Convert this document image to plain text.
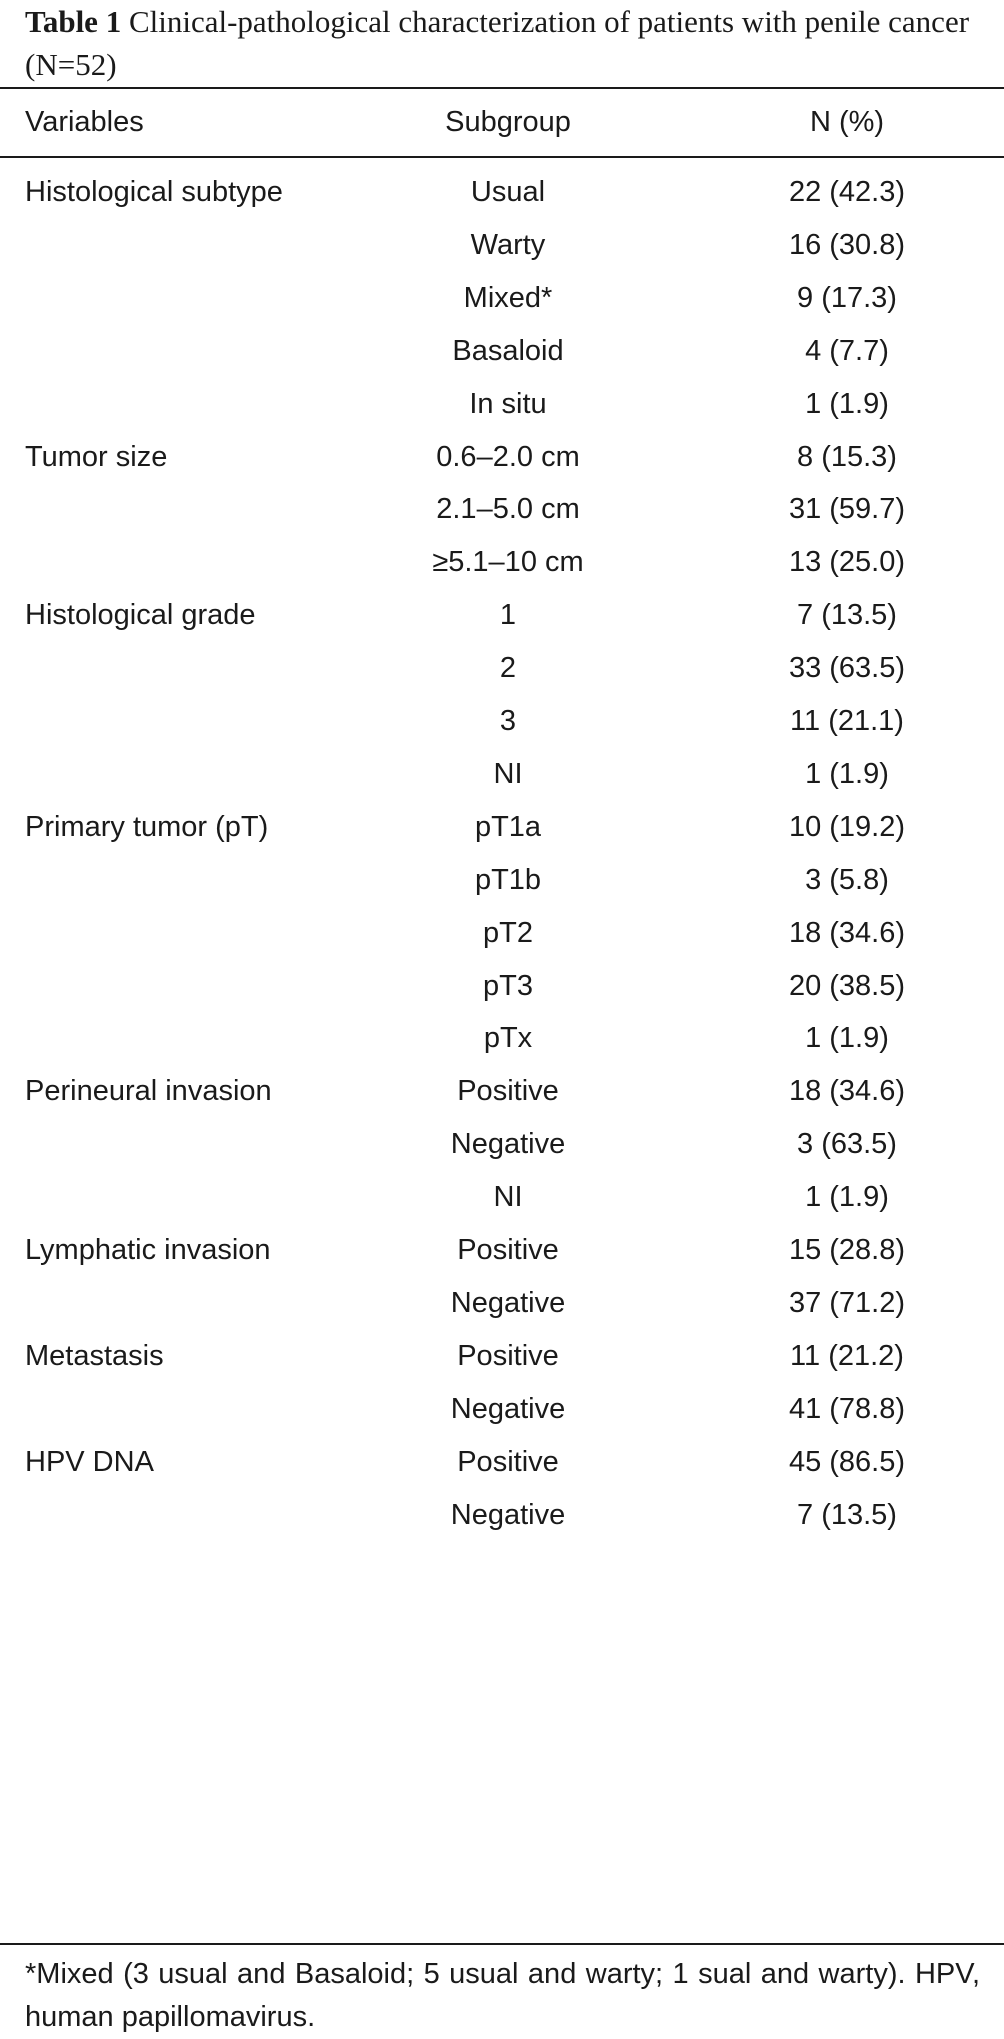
Table 1 Clinical-pathological characterization of patients with penile cancer (N=52)
Variables	Subgroup	N (%)
Histological subtype	Usual	22 (42.3)
Warty	16 (30.8)
Mixed*	9 (17.3)
Basaloid	4 (7.7)
In situ	1 (1.9)
Tumor size	0.6–2.0 cm	8 (15.3)
2.1–5.0 cm	31 (59.7)
≥5.1–10 cm	13 (25.0)
Histological grade	1	7 (13.5)
2	33 (63.5)
3	11 (21.1)
NI	1 (1.9)
Primary tumor (pT)	pT1a	10 (19.2)
pT1b	3 (5.8)
pT2	18 (34.6)
pT3	20 (38.5)
pTx	1 (1.9)
Perineural invasion	Positive	18 (34.6)
Negative	3 (63.5)
NI	1 (1.9)
Lymphatic invasion	Positive	15 (28.8)
Negative	37 (71.2)
Metastasis	Positive	11 (21.2)
Negative	41 (78.8)
HPV DNA	Positive	45 (86.5)
Negative	7 (13.5)
*Mixed (3 usual and Basaloid; 5 usual and warty; 1 sual and warty). HPV, human papillomavirus.
